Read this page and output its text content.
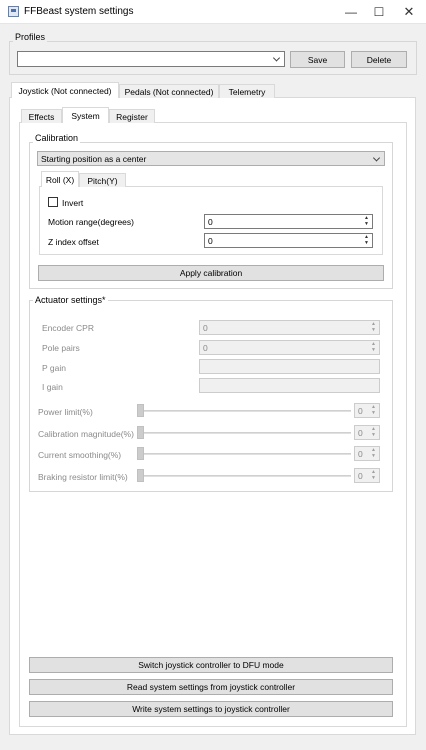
FFBeast system settings	—	☐	✕
Profiles
Save	Delete
Joystick (Not connected)	Pedals (Not connected)	Telemetry
Effects	System	Register
Calibration
Starting position as a center
Roll (X)	Pitch(Y)
Invert
Motion range(degrees)	0	▲
▼
Z index offset	0	▲
▼
Apply calibration
Actuator settings*
Encoder CPR	0	▲
▼
Pole pairs	0	▲
▼
P gain
I gain
Power limit(%)	0	▲
▼
Calibration magnitude(%)	0	▲
▼
Current smoothing(%)	0	▲
▼
Braking resistor limit(%)	0	▲
▼
Switch joystick controller to DFU mode
Read system settings from joystick controller
Write system settings to joystick controller
